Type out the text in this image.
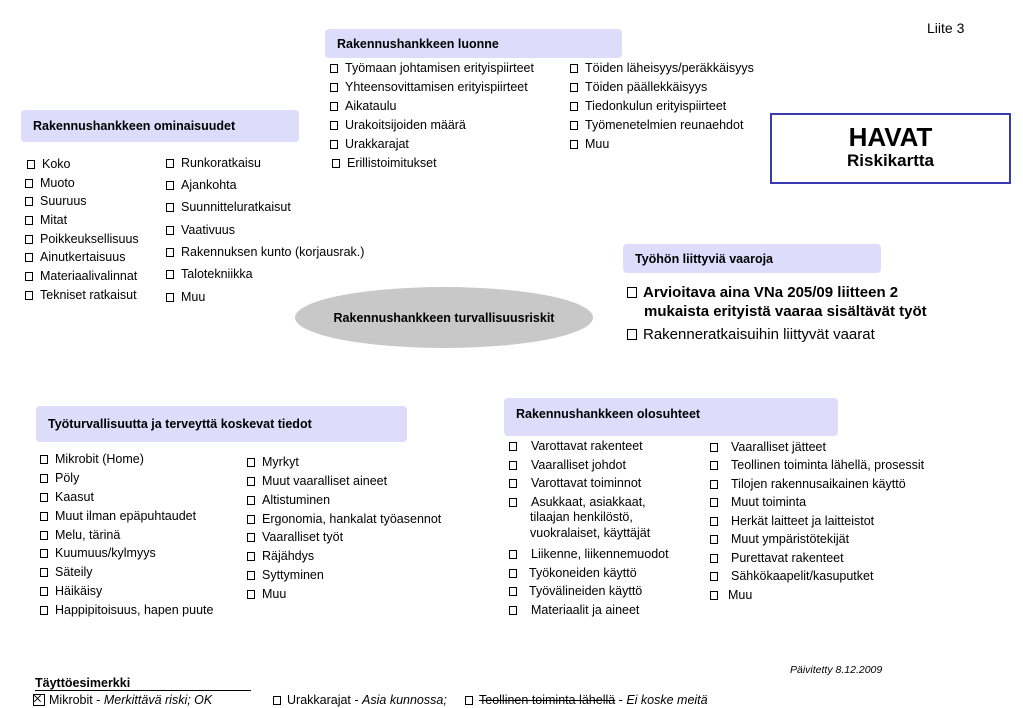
Liite 3
HAVAT
Riskikartta
Rakennushankkeen turvallisuusriskit
Rakennushankkeen luonne
Työmaan johtamisen erityispiirteet
Yhteensovittamisen erityispiirteet
Aikataulu
Urakoitsijoiden määrä
Urakkarajat
Erillistoimitukset
Töiden läheisyys/peräkkäisyys
Töiden päällekkäisyys
Tiedonkulun erityispiirteet
Työmenetelmien reunaehdot
Muu
Rakennushankkeen ominaisuudet
Koko
Muoto
Suuruus
Mitat
Poikkeuksellisuus
Ainutkertaisuus
Materiaalivalinnat
Tekniset ratkaisut
Runkoratkaisu
Ajankohta
Suunnitteluratkaisut
Vaativuus
Rakennuksen kunto (korjausrak.)
Talotekniikka
Muu
Työhön liittyviä vaaroja
Arvioitava aina VNa 205/09 liitteen 2
mukaista erityistä vaaraa sisältävät työt
Rakenneratkaisuihin liittyvät vaarat
Työturvallisuutta ja terveyttä koskevat tiedot
Mikrobit (Home)
Pöly
Kaasut
Muut ilman epäpuhtaudet
Melu, tärinä
Kuumuus/kylmyys
Säteily
Häikäisy
Happipitoisuus, hapen puute
Myrkyt
Muut vaaralliset aineet
Altistuminen
Ergonomia, hankalat työasennot
Vaaralliset työt
Räjähdys
Syttyminen
Muu
Rakennushankkeen olosuhteet
Varottavat rakenteet
Vaaralliset johdot
Varottavat toiminnot
Asukkaat, asiakkaat,
tilaajan henkilöstö,
vuokralaiset, käyttäjät
Liikenne, liikennemuodot
Työkoneiden käyttö
Työvälineiden käyttö
Materiaalit ja aineet
Vaaralliset jätteet
Teollinen toiminta lähellä, prosessit
Tilojen rakennusaikainen käyttö
Muut toiminta
Herkät laitteet ja laitteistot
Muut ympäristötekijät
Purettavat rakenteet
Sähkökaapelit/kasuputket
Muu
Päivitetty 8.12.2009
Täyttöesimerkki
Mikrobit - Merkittävä riski; OK	Urakkarajat - Asia kunnossa;	Teollinen toiminta lähellä - Ei koske meitä
